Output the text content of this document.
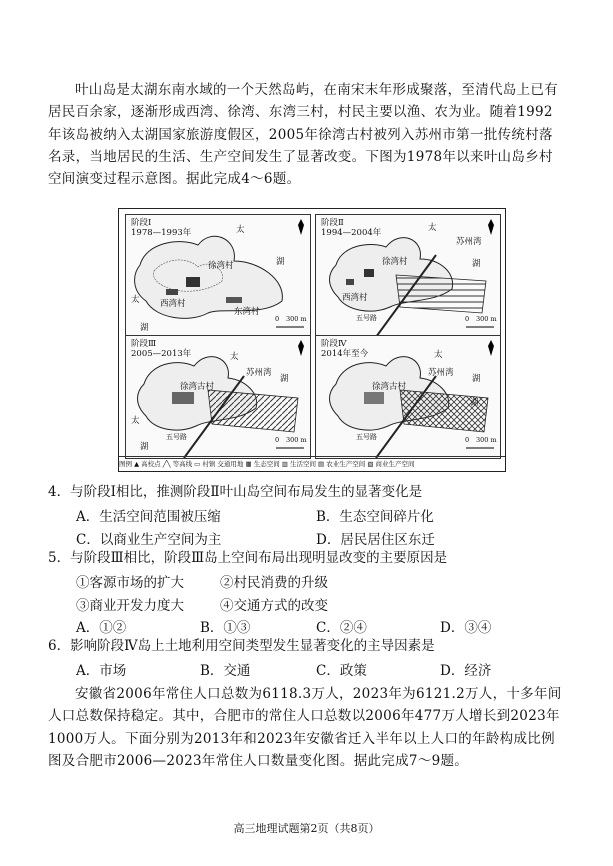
叶山岛是太湖东南水域的一个天然岛屿，在南宋末年形成聚落，至清代岛上已有居民百余家，逐渐形成西湾、徐湾、东湾三村，村民主要以渔、农为业。随着1992年该岛被纳入太湖国家旅游度假区，2005年徐湾古村被列入苏州市第一批传统村落名录，当地居民的生活、生产空间发生了显著改变。下图为1978年以来叶山岛乡村空间演变过程示意图。据此完成4～6题。
阶段Ⅰ
1978—1993年	太
湖
徐湾村
东湾村
太 西湾村
湖
0 300 m
阶段Ⅱ
1994—2004年	太
湖
徐湾村
西湾村
苏州湾
五号路	0 300 m
阶段Ⅲ
2005—2013年	太
湖
徐湾古村
太
湖
五号路
苏州湾
0 300 m
阶段Ⅳ
2014年至今	太
湖
徐湾古村
湖
五号路
苏州湾
0 300 m
图例 ▲ 高校点 ╱╲ 等高线 ▭ 村镇 交通用地 ▦ 生态空间 ▥ 生活空间 ▤ 农业生产空间 ▧ 商业生产空间
4．与阶段Ⅰ相比，推测阶段Ⅱ叶山岛空间布局发生的显著变化是
A．生活空间范围被压缩	B．生态空间碎片化
C．以商业生产空间为主	D．居民居住区东迁
5．与阶段Ⅲ相比，阶段Ⅲ岛上空间布局出现明显改变的主要原因是
①客源市场的扩大	②村民消费的升级
③商业开发力度大	④交通方式的改变
A．①②	B．①③	C．②④	D．③④
6．影响阶段Ⅳ岛上土地利用空间类型发生显著变化的主导因素是
A．市场	B．交通	C．政策	D．经济
安徽省2006年常住人口总数为6118.3万人，2023年为6121.2万人，十多年间人口总数保持稳定。其中，合肥市的常住人口总数以2006年477万人增长到2023年1000万人。下面分别为2013年和2023年安徽省迁入半年以上人口的年龄构成比例图及合肥市2006—2023年常住人口数量变化图。据此完成7～9题。
高三地理试题第2页（共8页）
